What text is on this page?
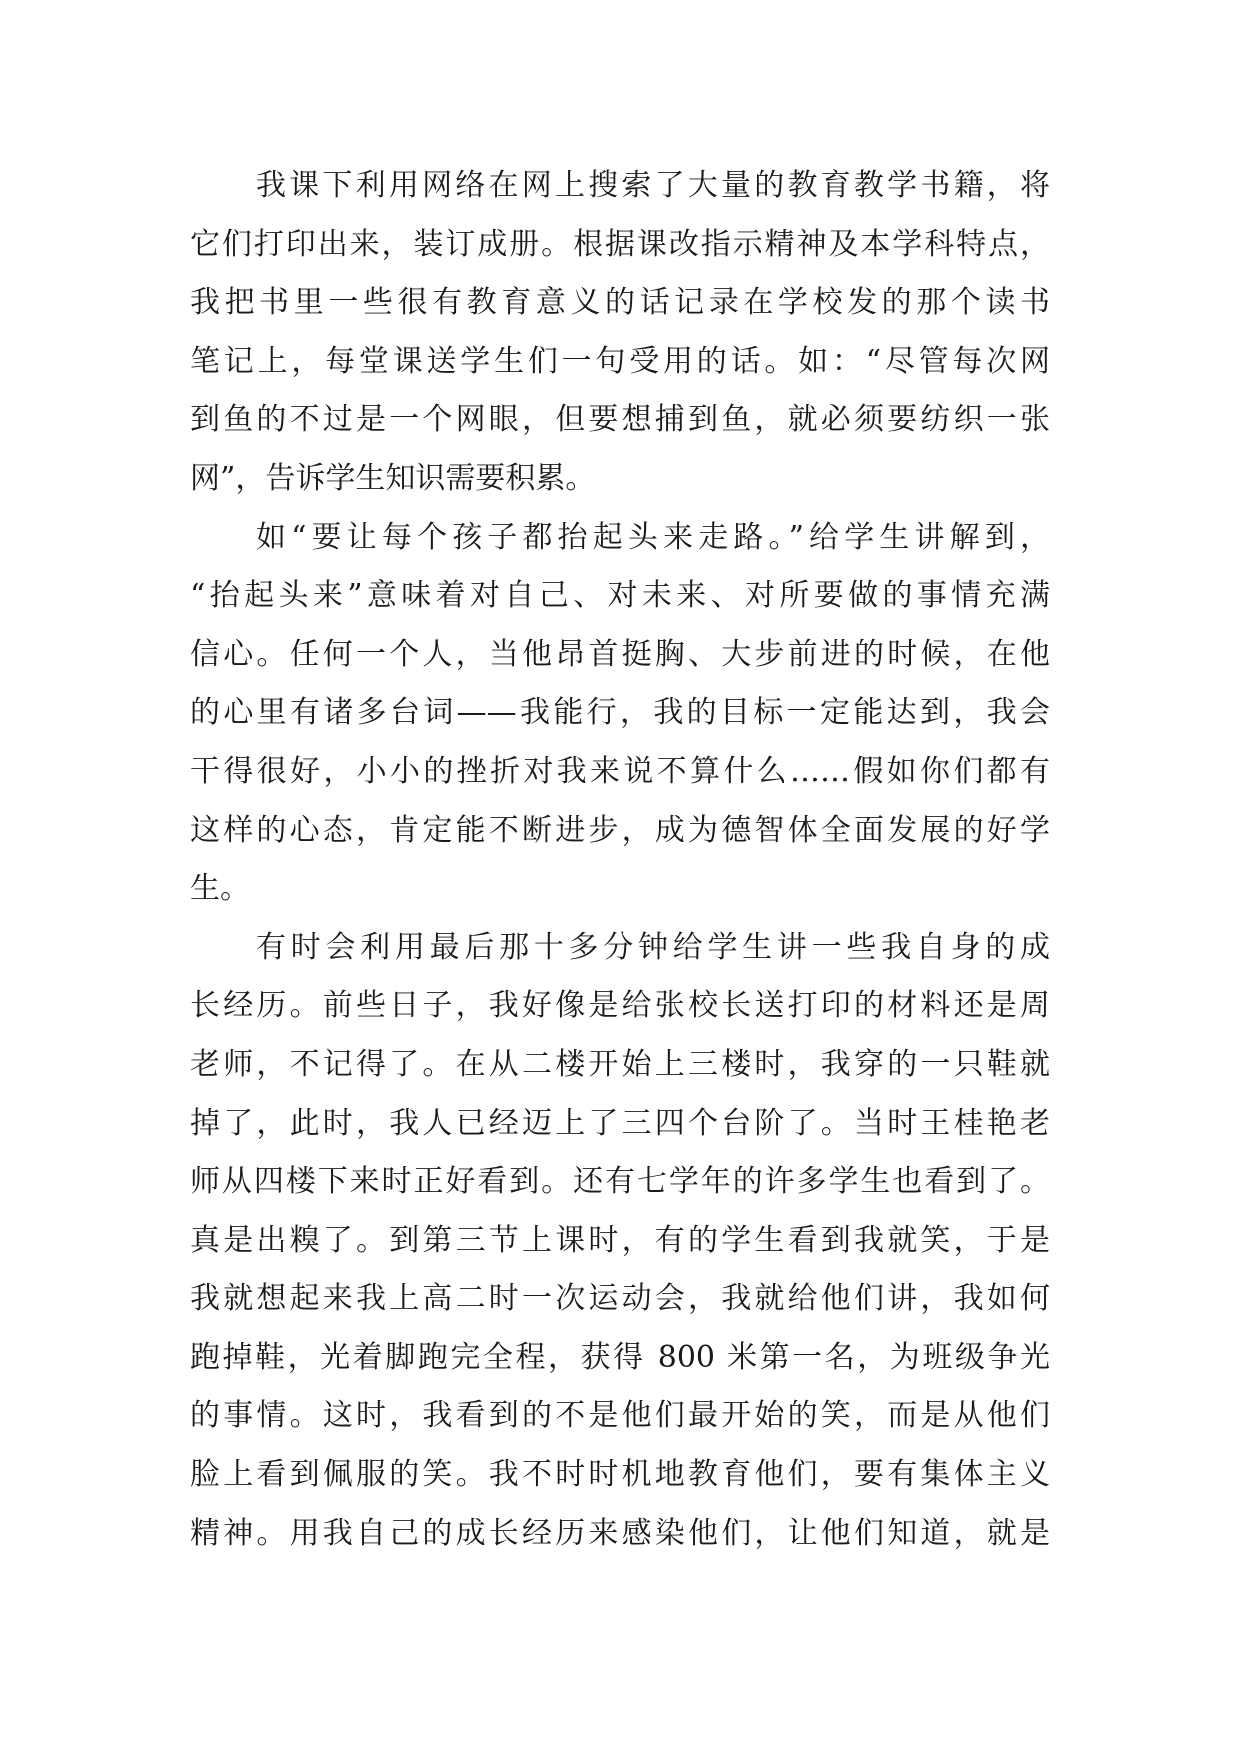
我课下利用网络在网上搜索了大量的教育教学书籍，将
它们打印出来，装订成册。根据课改指示精神及本学科特点，
我把书里一些很有教育意义的话记录在学校发的那个读书
笔记上，每堂课送学生们一句受用的话。如：“尽管每次网
到鱼的不过是一个网眼，但要想捕到鱼，就必须要纺织一张
网”，告诉学生知识需要积累。
如“要让每个孩子都抬起头来走路。”给学生讲解到，
“抬起头来”意味着对自己、对未来、对所要做的事情充满
信心。任何一个人，当他昂首挺胸、大步前进的时候，在他
的心里有诸多台词——我能行，我的目标一定能达到，我会
干得很好，小小的挫折对我来说不算什么……假如你们都有
这样的心态，肯定能不断进步，成为德智体全面发展的好学
生。
有时会利用最后那十多分钟给学生讲一些我自身的成
长经历。前些日子，我好像是给张校长送打印的材料还是周
老师，不记得了。在从二楼开始上三楼时，我穿的一只鞋就
掉了，此时，我人已经迈上了三四个台阶了。当时王桂艳老
师从四楼下来时正好看到。还有七学年的许多学生也看到了。
真是出糗了。到第三节上课时，有的学生看到我就笑，于是
我就想起来我上高二时一次运动会，我就给他们讲，我如何
跑掉鞋，光着脚跑完全程，获得 800 米第一名，为班级争光
的事情。这时，我看到的不是他们最开始的笑，而是从他们
脸上看到佩服的笑。我不时时机地教育他们，要有集体主义
精神。用我自己的成长经历来感染他们，让他们知道，就是
